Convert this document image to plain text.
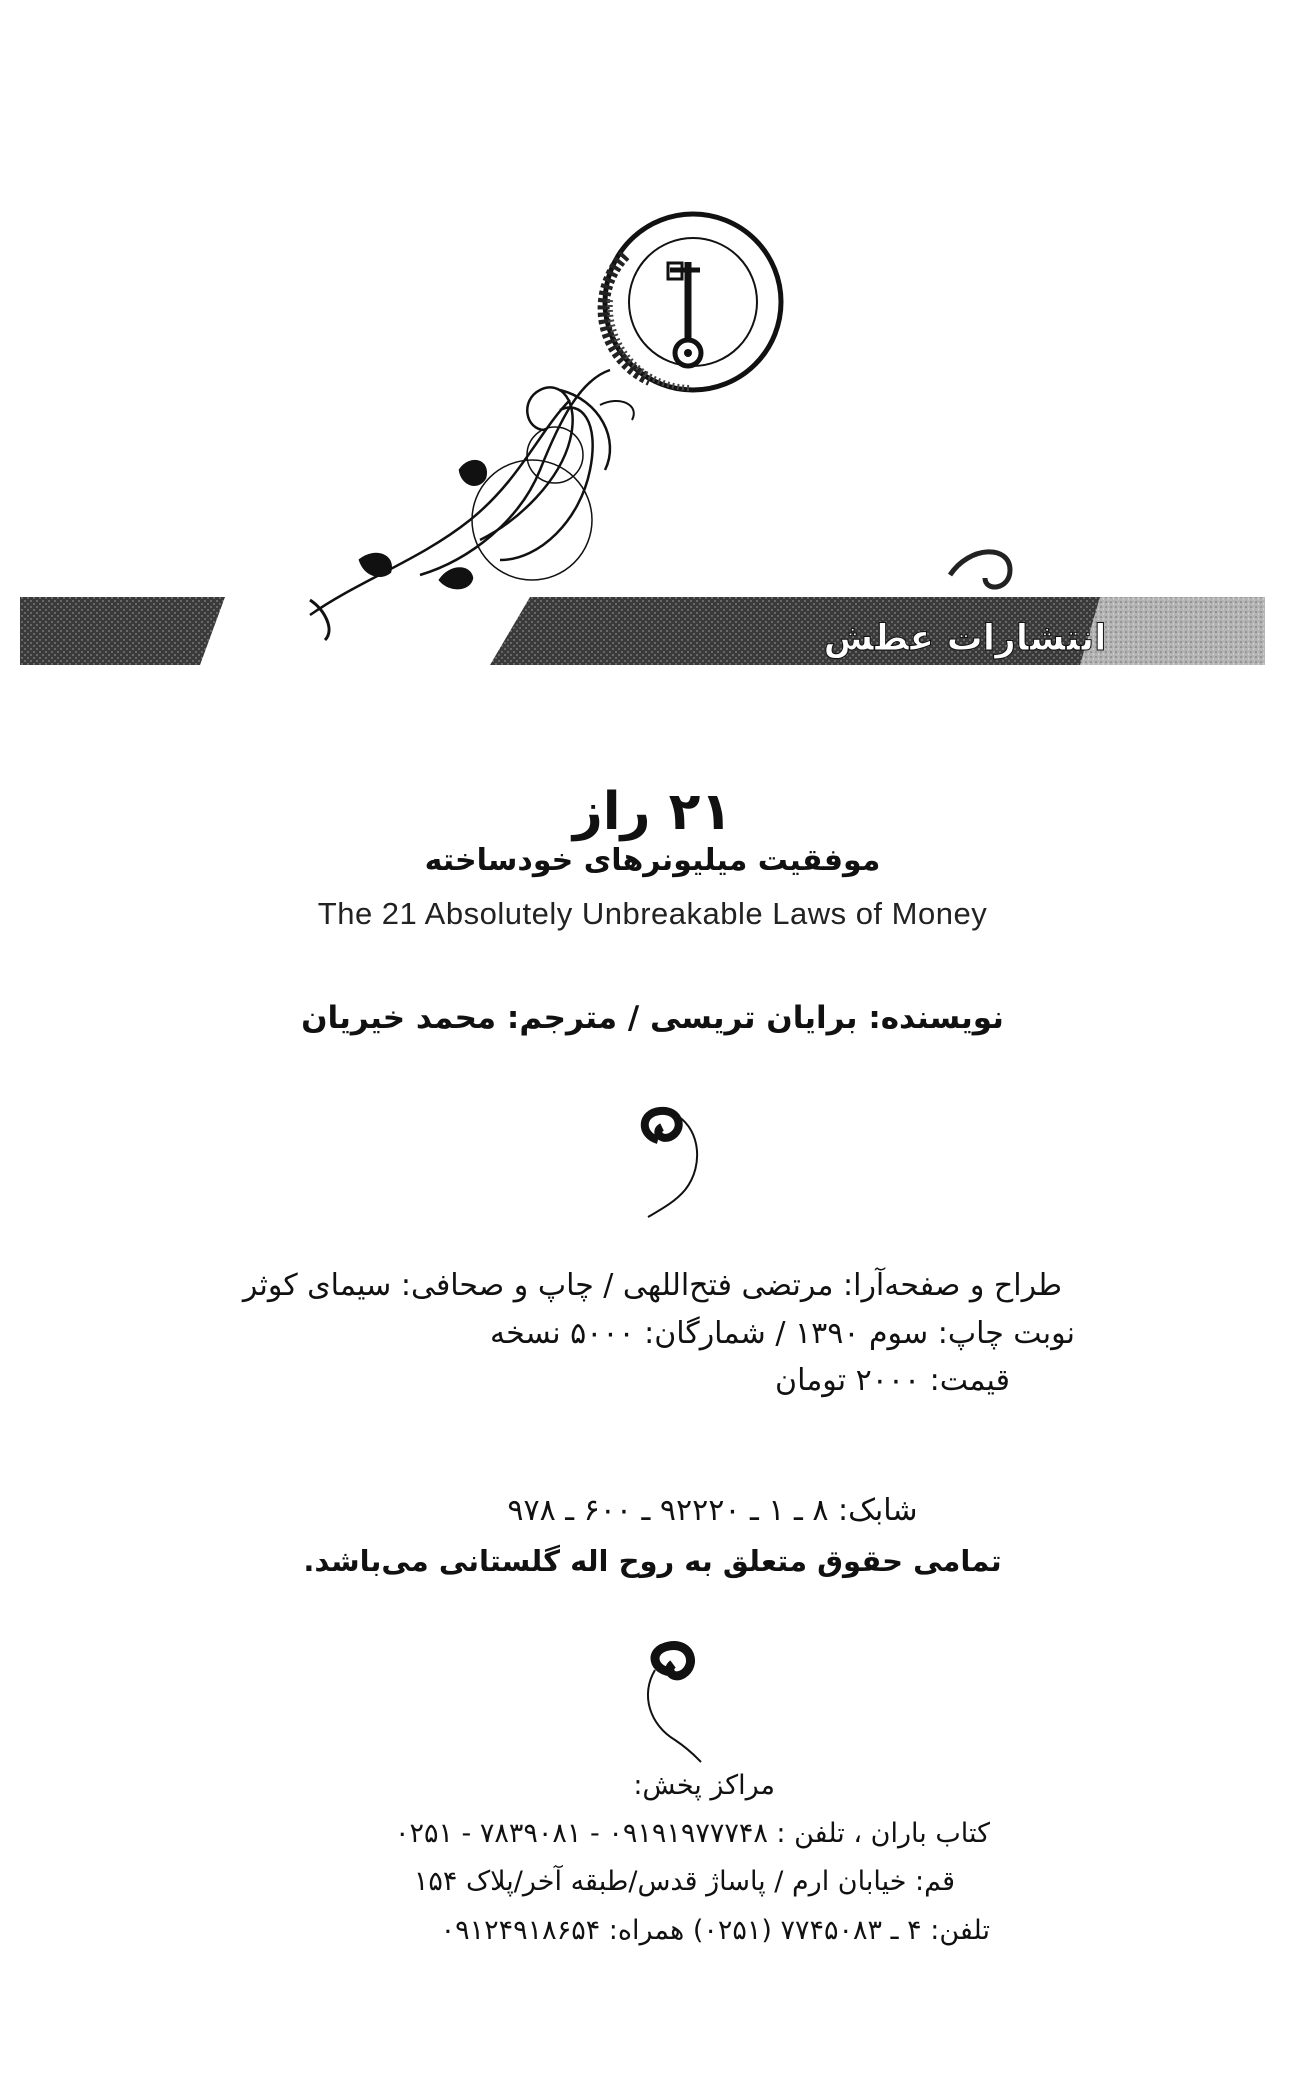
انتشارات عطش
۲۱ راز
موفقیت میلیونرهای خودساخته
The 21 Absolutely Unbreakable Laws of Money
نویسنده: برایان تریسی / مترجم: محمد خیریان
طراح و صفحه‌آرا: مرتضی فتح‌اللهی / چاپ و صحافی: سیمای کوثر
نوبت چاپ: سوم ۱۳۹۰ / شمارگان: ۵۰۰۰ نسخه
قیمت: ۲۰۰۰ تومان
شابک: ۸ ـ ۱ ـ ۹۲۲۲۰ ـ ۶۰۰ ـ ۹۷۸
تمامی حقوق متعلق به روح اله گلستانی می‌باشد.
مراکز پخش:
کتاب باران ، تلفن : ۰۹۱۹۱۹۷۷۷۴۸ - ۷۸۳۹۰۸۱ - ۰۲۵۱
قم: خیابان ارم / پاساژ قدس/طبقه آخر/پلاک ۱۵۴
تلفن: ۴ ـ ۷۷۴۵۰۸۳ (۰۲۵۱) همراه: ۰۹۱۲۴۹۱۸۶۵۴
